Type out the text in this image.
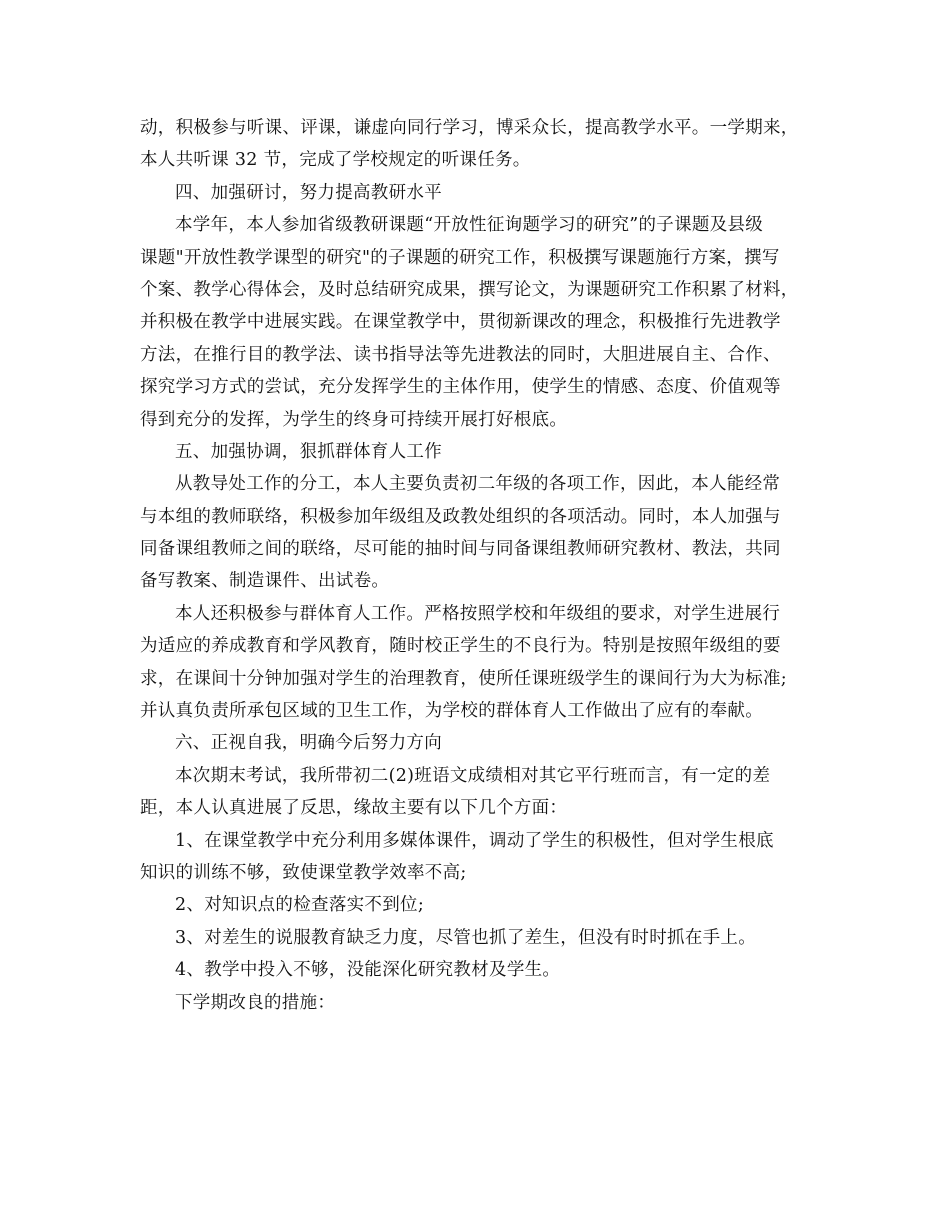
动，积极参与听课、评课，谦虚向同行学习，博采众长，提高教学水平。一学期来，
本人共听课 32 节，完成了学校规定的听课任务。
四、加强研讨，努力提高教研水平
本学年，本人参加省级教研课题“开放性征询题学习的研究”的子课题及县级
课题"开放性教学课型的研究"的子课题的研究工作，积极撰写课题施行方案，撰写
个案、教学心得体会，及时总结研究成果，撰写论文，为课题研究工作积累了材料，
并积极在教学中进展实践。在课堂教学中，贯彻新课改的理念，积极推行先进教学
方法，在推行目的教学法、读书指导法等先进教法的同时，大胆进展自主、合作、
探究学习方式的尝试，充分发挥学生的主体作用，使学生的情感、态度、价值观等
得到充分的发挥，为学生的终身可持续开展打好根底。
五、加强协调，狠抓群体育人工作
从教导处工作的分工，本人主要负责初二年级的各项工作，因此，本人能经常
与本组的教师联络，积极参加年级组及政教处组织的各项活动。同时，本人加强与
同备课组教师之间的联络，尽可能的抽时间与同备课组教师研究教材、教法，共同
备写教案、制造课件、出试卷。
本人还积极参与群体育人工作。严格按照学校和年级组的要求，对学生进展行
为适应的养成教育和学风教育，随时校正学生的不良行为。特别是按照年级组的要
求，在课间十分钟加强对学生的治理教育，使所任课班级学生的课间行为大为标准;
并认真负责所承包区域的卫生工作，为学校的群体育人工作做出了应有的奉献。
六、正视自我，明确今后努力方向
本次期末考试，我所带初二(2)班语文成绩相对其它平行班而言，有一定的差
距，本人认真进展了反思，缘故主要有以下几个方面：
1、在课堂教学中充分利用多媒体课件，调动了学生的积极性，但对学生根底
知识的训练不够，致使课堂教学效率不高;
2、对知识点的检查落实不到位;
3、对差生的说服教育缺乏力度，尽管也抓了差生，但没有时时抓在手上。
4、教学中投入不够，没能深化研究教材及学生。
下学期改良的措施：
